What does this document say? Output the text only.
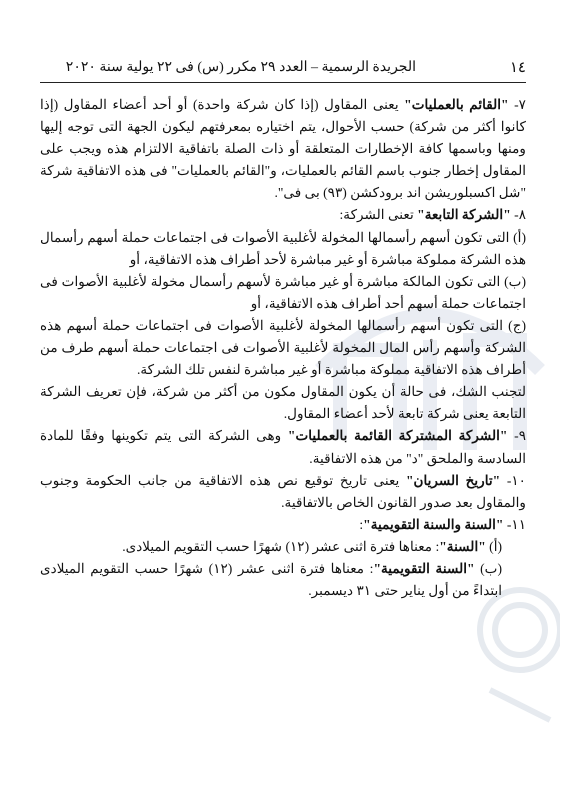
١٤
الجريدة الرسمية – العدد ٢٩ مكرر (س) فى ٢٢ يولية سنة ٢٠٢٠

٧- "القائم بالعمليات" يعنى المقاول (إذا كان شركة واحدة) أو أحد أعضاء المقاول (إذا كانوا أكثر من شركة) حسب الأحوال، يتم اختياره بمعرفتهم ليكون الجهة التى توجه إليها ومنها وباسمها كافة الإخطارات المتعلقة أو ذات الصلة باتفاقية الالتزام هذه ويجب على المقاول إخطار جنوب باسم القائم بالعمليات، و"القائم بالعمليات" فى هذه الاتفاقية شركة "شل اكسبلوريشن اند برودكشن (٩٣) بى فى".

٨- "الشركة التابعة" تعنى الشركة:

(أ) التى تكون أسهم رأسمالها المخولة لأغلبية الأصوات فى اجتماعات حملة أسهم رأسمال هذه الشركة مملوكة مباشرة أو غير مباشرة لأحد أطراف هذه الاتفاقية، أو

(ب) التى تكون المالكة مباشرة أو غير مباشرة لأسهم رأسمال مخولة لأغلبية الأصوات فى اجتماعات حملة أسهم أحد أطراف هذه الاتفاقية، أو

(ج) التى تكون أسهم رأسمالها المخولة لأغلبية الأصوات فى اجتماعات حملة أسهم هذه الشركة وأسهم رأس المال المخولة لأغلبية الأصوات فى اجتماعات حملة أسهم طرف من أطراف هذه الاتفاقية مملوكة مباشرة أو غير مباشرة لنفس تلك الشركة.

لتجنب الشك، فى حالة أن يكون المقاول مكون من أكثر من شركة، فإن تعريف الشركة التابعة يعنى شركة تابعة لأحد أعضاء المقاول.

٩- "الشركة المشتركة القائمة بالعمليات" وهى الشركة التى يتم تكوينها وفقًا للمادة السادسة والملحق "د" من هذه الاتفاقية.

١٠- "تاريخ السريان" يعنى تاريخ توقيع نص هذه الاتفاقية من جانب الحكومة وجنوب والمقاول بعد صدور القانون الخاص بالاتفاقية.

١١- "السنة والسنة التقويمية":

(أ) "السنة": معناها فترة اثنى عشر (١٢) شهرًا حسب التقويم الميلادى.

(ب) "السنة التقويمية": معناها فترة اثنى عشر (١٢) شهرًا حسب التقويم الميلادى ابتداءً من أول يناير حتى ٣١ ديسمبر.
